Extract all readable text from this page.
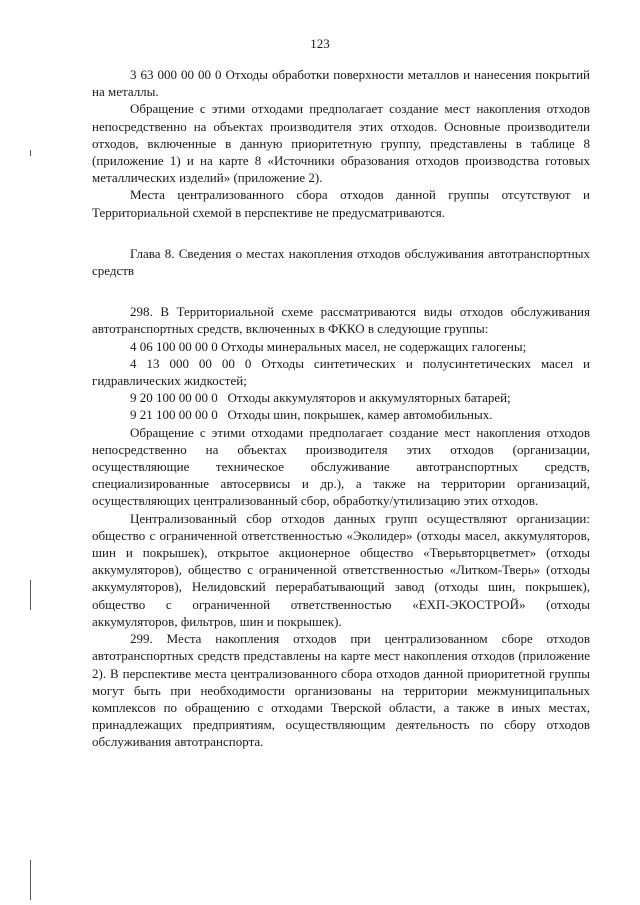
123

3 63 000 00 00 0 Отходы обработки поверхности металлов и нанесения покрытий на металлы.

Обращение с этими отходами предполагает создание мест накопления отходов непосредственно на объектах производителя этих отходов. Основные производители отходов, включенные в данную приоритетную группу, представлены в таблице 8 (приложение 1) и на карте 8 «Источники образования отходов производства готовых металлических изделий» (приложение 2).

Места централизованного сбора отходов данной группы отсутствуют и Территориальной схемой в перспективе не предусматриваются.

Глава 8. Сведения о местах накопления отходов обслуживания автотранспортных средств

298. В Территориальной схеме рассматриваются виды отходов обслуживания автотранспортных средств, включенных в ФККО в следующие группы:

4 06 100 00 00 0 Отходы минеральных масел, не содержащих галогены;

4 13 000 00 00 0 Отходы синтетических и полусинтетических масел и гидравлических жидкостей;

9 20 100 00 00 0 Отходы аккумуляторов и аккумуляторных батарей;

9 21 100 00 00 0 Отходы шин, покрышек, камер автомобильных.

Обращение с этими отходами предполагает создание мест накопления отходов непосредственно на объектах производителя этих отходов (организации, осуществляющие техническое обслуживание автотранспортных средств, специализированные автосервисы и др.), а также на территории организаций, осуществляющих централизованный сбор, обработку/утилизацию этих отходов.

Централизованный сбор отходов данных групп осуществляют организации: общество с ограниченной ответственностью «Эколидер» (отходы масел, аккумуляторов, шин и покрышек), открытое акционерное общество «Тверьвторцветмет» (отходы аккумуляторов), общество с ограниченной ответственностью «Литком-Тверь» (отходы аккумуляторов), Нелидовский перерабатывающий завод (отходы шин, покрышек), общество с ограниченной ответственностью «ЕХП-ЭКОСТРОЙ» (отходы аккумуляторов, фильтров, шин и покрышек).

299. Места накопления отходов при централизованном сборе отходов автотранспортных средств представлены на карте мест накопления отходов (приложение 2). В перспективе места централизованного сбора отходов данной приоритетной группы могут быть при необходимости организованы на территории межмуниципальных комплексов по обращению с отходами Тверской области, а также в иных местах, принадлежащих предприятиям, осуществляющим деятельность по сбору отходов обслуживания автотранспорта.
